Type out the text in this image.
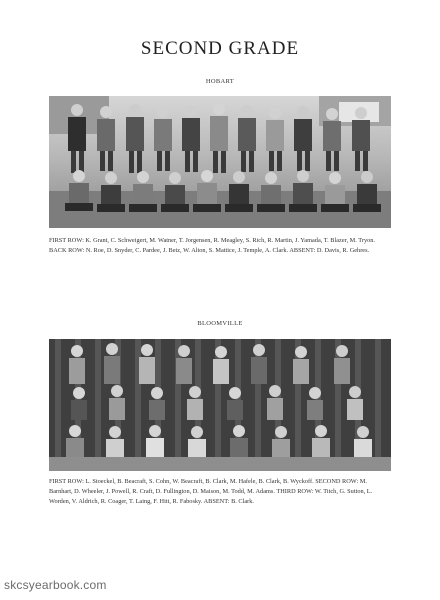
SECOND GRADE
HOBART
FIRST ROW: K. Grant, C. Schweigert, M. Watner, T. Jorgensen, R. Meagley, S. Rich, R. Martin, J. Yamada, T. Blazer, M. Tryon. BACK ROW: N. Roe, D. Snyder, C. Pardee, J. Betz, W. Alton, S. Mattice, J. Temple, A. Clark. ABSENT: D. Davis, R. Gehres.
BLOOMVILLE
FIRST ROW: L. Stoeckel, B. Beacraft, S. Cohn, W. Beacraft, B. Clark, M. Hafele, B. Clark, B. Wyckoff. SECOND ROW: M. Barnhart, D. Wheeler, J. Powell, R. Craft, D. Fullington, D. Maison, M. Todd, M. Adams. THIRD ROW: W. Titch, G. Sutton, L. Worden, V. Aldrich, R. Coager, T. Laing, F. Hitt, R. Fabosky. ABSENT: B. Clark.
skcsyearbook.com
